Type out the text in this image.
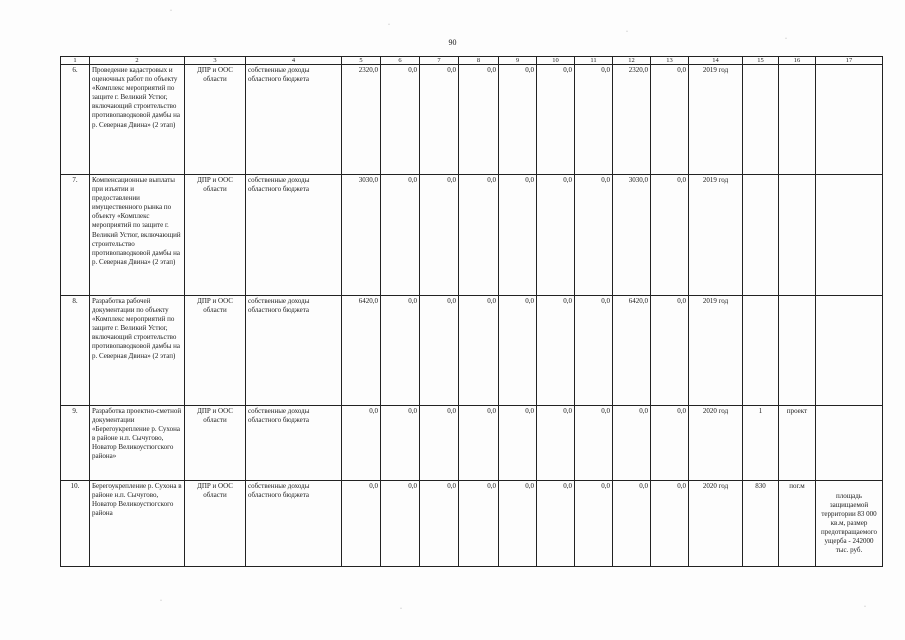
90
·
·
·
·
·
·	·
1	2	3	4	5	6	7	8	9	10	11	12	13	14	15	16	17
6.	Проведение кадастровых и оценочных работ по объекту «Комплекс мероприятий по защите г. Великий Устюг, включающий строительство противопаводковой дамбы на р. Северная Двина» (2 этап)	ДПР и ООС области	собственные доходы областного бюджета	2320,0	0,0	0,0	0,0	0,0	0,0	0,0	2320,0	0,0	2019 год			
7.	Компенсационные выплаты при изъятии и предоставлении имущественного рынка по объекту «Комплекс мероприятий по защите г. Великий Устюг, включающий строительство противопаводковой дамбы на р. Северная Двина» (2 этап)	ДПР и ООС области	собственные доходы областного бюджета	3030,0	0,0	0,0	0,0	0,0	0,0	0,0	3030,0	0,0	2019 год			
8.	Разработка рабочей документации по объекту «Комплекс мероприятий по защите г. Великий Устюг, включающий строительство противопаводковой дамбы на р. Северная Двина» (2 этап)	ДПР и ООС области	собственные доходы областного бюджета	6420,0	0,0	0,0	0,0	0,0	0,0	0,0	6420,0	0,0	2019 год			
9.	Разработка проектно-сметной документации «Берегоукрепление р. Сухона в районе н.п. Сычугово, Новатор Великоустюгского района»	ДПР и ООС области	собственные доходы областного бюджета	0,0	0,0	0,0	0,0	0,0	0,0	0,0	0,0	0,0	2020 год	1	проект	
10.	Берегоукрепление р. Сухона в районе н.п. Сычугово, Новатор Великоустюгского района	ДПР и ООС области	собственные доходы областного бюджета	0,0	0,0	0,0	0,0	0,0	0,0	0,0	0,0	0,0	2020 год	830	пог.м	площадь защищаемой территории 83 000 кв.м, размер предотвращаемого ущерба - 242000 тыс. руб.
